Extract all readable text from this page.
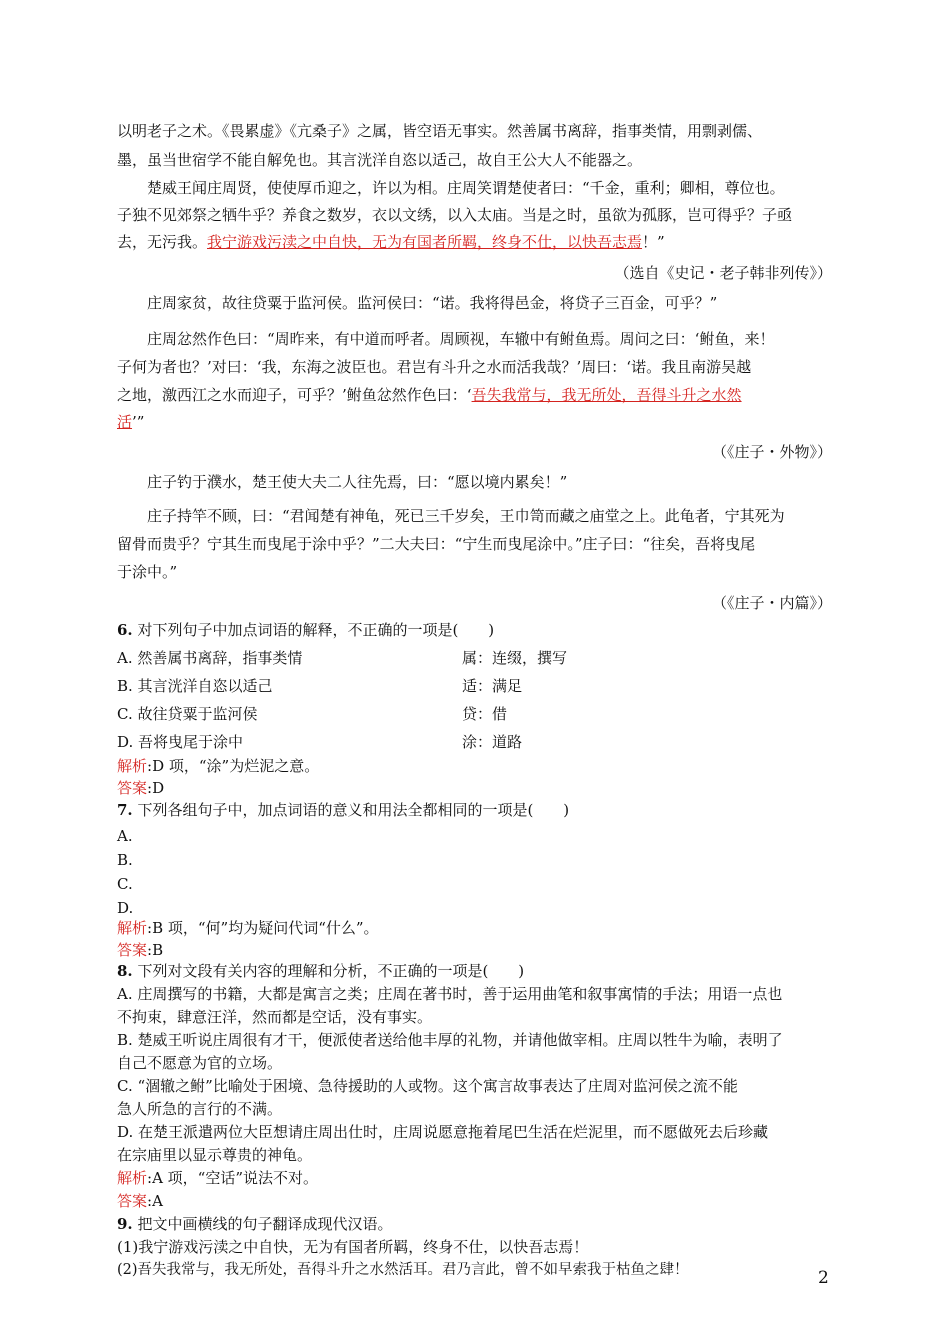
以明老子之术。《畏累虚》《亢桑子》之属，皆空语无事实。然善属书离辞，指事类情，用剽剥儒、
墨，虽当世宿学不能自解免也。其言洸洋自恣以适己，故自王公大人不能器之。
楚威王闻庄周贤，使使厚币迎之，许以为相。庄周笑谓楚使者曰：“千金，重利；卿相，尊位也。
子独不见郊祭之牺牛乎？养食之数岁，衣以文绣，以入太庙。当是之时，虽欲为孤豚，岂可得乎？子亟
去，无污我。我宁游戏污渎之中自快，无为有国者所羁，终身不仕，以快吾志焉！”
（选自《史记・老子韩非列传》）
庄周家贫，故往贷粟于监河侯。监河侯曰：“诺。我将得邑金，将贷子三百金，可乎？”
庄周忿然作色曰：“周昨来，有中道而呼者。周顾视，车辙中有鲋鱼焉。周问之曰：‘鲋鱼，来！
子何为者也？’对曰：‘我，东海之波臣也。君岂有斗升之水而活我哉？’周曰：‘诺。我且南游吴越
之地，激西江之水而迎子，可乎？’鲋鱼忿然作色曰：‘吾失我常与，我无所处，吾得斗升之水然
活’”
（《庄子・外物》）
庄子钓于濮水，楚王使大夫二人往先焉，曰：“愿以境内累矣！”
庄子持竿不顾，曰：“君闻楚有神龟，死已三千岁矣，王巾笥而藏之庙堂之上。此龟者，宁其死为
留骨而贵乎？宁其生而曳尾于涂中乎？”二大夫曰：“宁生而曳尾涂中。”庄子曰：“往矣，吾将曳尾
于涂中。”
（《庄子・内篇》）
6. 对下列句子中加点词语的解释，不正确的一项是(　　)
A. 然善属书离辞，指事类情	属：连缀，撰写
B. 其言洸洋自恣以适己	适：满足
C. 故往贷粟于监河侯	贷：借
D. 吾将曳尾于涂中	涂：道路
解析:D 项，“涂”为烂泥之意。
答案:D
7. 下列各组句子中，加点词语的意义和用法全都相同的一项是(　　)
A.
B.
C.
D.
解析:B 项，“何”均为疑问代词“什么”。
答案:B
8. 下列对文段有关内容的理解和分析，不正确的一项是(　　)
A. 庄周撰写的书籍，大都是寓言之类；庄周在著书时，善于运用曲笔和叙事寓情的手法；用语一点也
不拘束，肆意汪洋，然而都是空话，没有事实。
B. 楚威王听说庄周很有才干，便派使者送给他丰厚的礼物，并请他做宰相。庄周以牲牛为喻，表明了
自己不愿意为官的立场。
C. “涸辙之鲋”比喻处于困境、急待援助的人或物。这个寓言故事表达了庄周对监河侯之流不能
急人所急的言行的不满。
D. 在楚王派遣两位大臣想请庄周出仕时，庄周说愿意拖着尾巴生活在烂泥里，而不愿做死去后珍藏
在宗庙里以显示尊贵的神龟。
解析:A 项，“空话”说法不对。
答案:A
9. 把文中画横线的句子翻译成现代汉语。
(1)我宁游戏污渎之中自快，无为有国者所羁，终身不仕，以快吾志焉！
(2)吾失我常与，我无所处，吾得斗升之水然活耳。君乃言此，曾不如早索我于枯鱼之肆！	2
